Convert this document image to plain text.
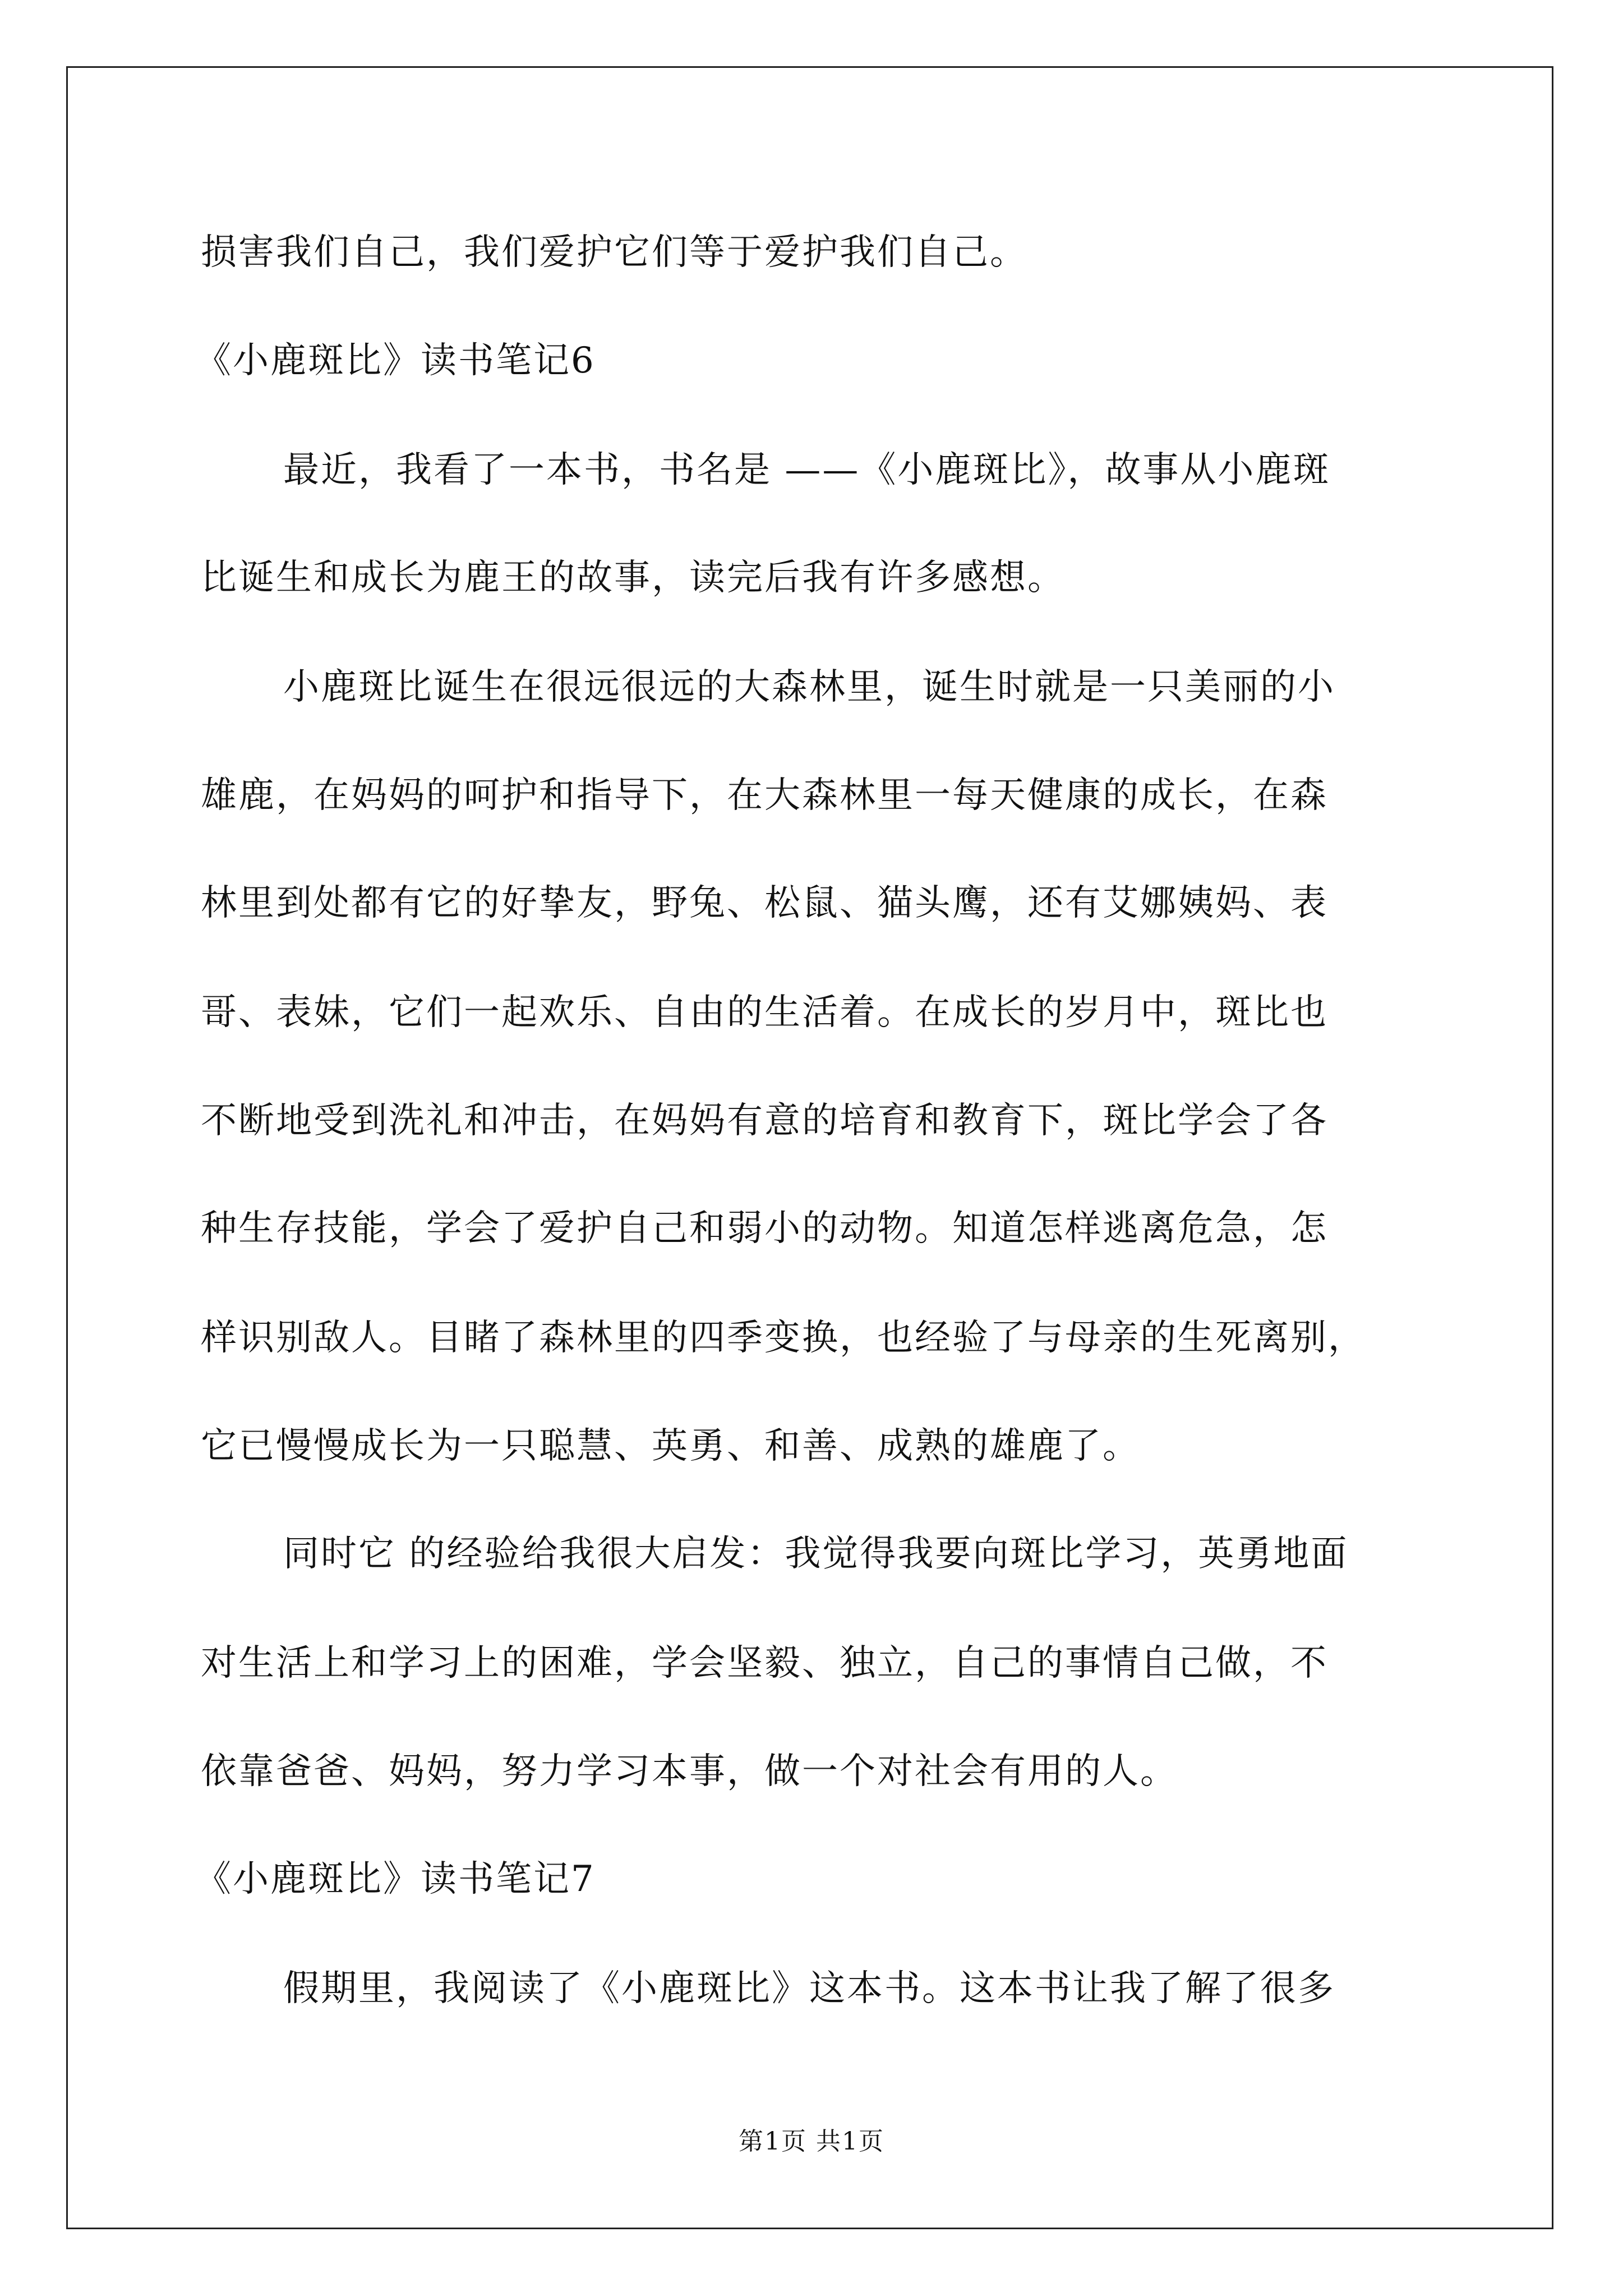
损害我们自己，我们爱护它们等于爱护我们自己。
《小鹿斑比》读书笔记6
最近，我看了一本书，书名是 ——《小鹿斑比》，故事从小鹿斑
比诞生和成长为鹿王的故事，读完后我有许多感想。
小鹿斑比诞生在很远很远的大森林里，诞生时就是一只美丽的小
雄鹿，在妈妈的呵护和指导下，在大森林里一每天健康的成长，在森
林里到处都有它的好挚友，野兔、松鼠、猫头鹰，还有艾娜姨妈、表
哥、表妹，它们一起欢乐、自由的生活着。在成长的岁月中，斑比也
不断地受到洗礼和冲击，在妈妈有意的培育和教育下，斑比学会了各
种生存技能，学会了爱护自己和弱小的动物。知道怎样逃离危急，怎
样识别敌人。目睹了森林里的四季变换，也经验了与母亲的生死离别，
它已慢慢成长为一只聪慧、英勇、和善、成熟的雄鹿了。
同时它 的经验给我很大启发：我觉得我要向斑比学习，英勇地面
对生活上和学习上的困难，学会坚毅、独立，自己的事情自己做，不
依靠爸爸、妈妈，努力学习本事，做一个对社会有用的人。
《小鹿斑比》读书笔记7
假期里，我阅读了《小鹿斑比》这本书。这本书让我了解了很多
第1页 共1页
